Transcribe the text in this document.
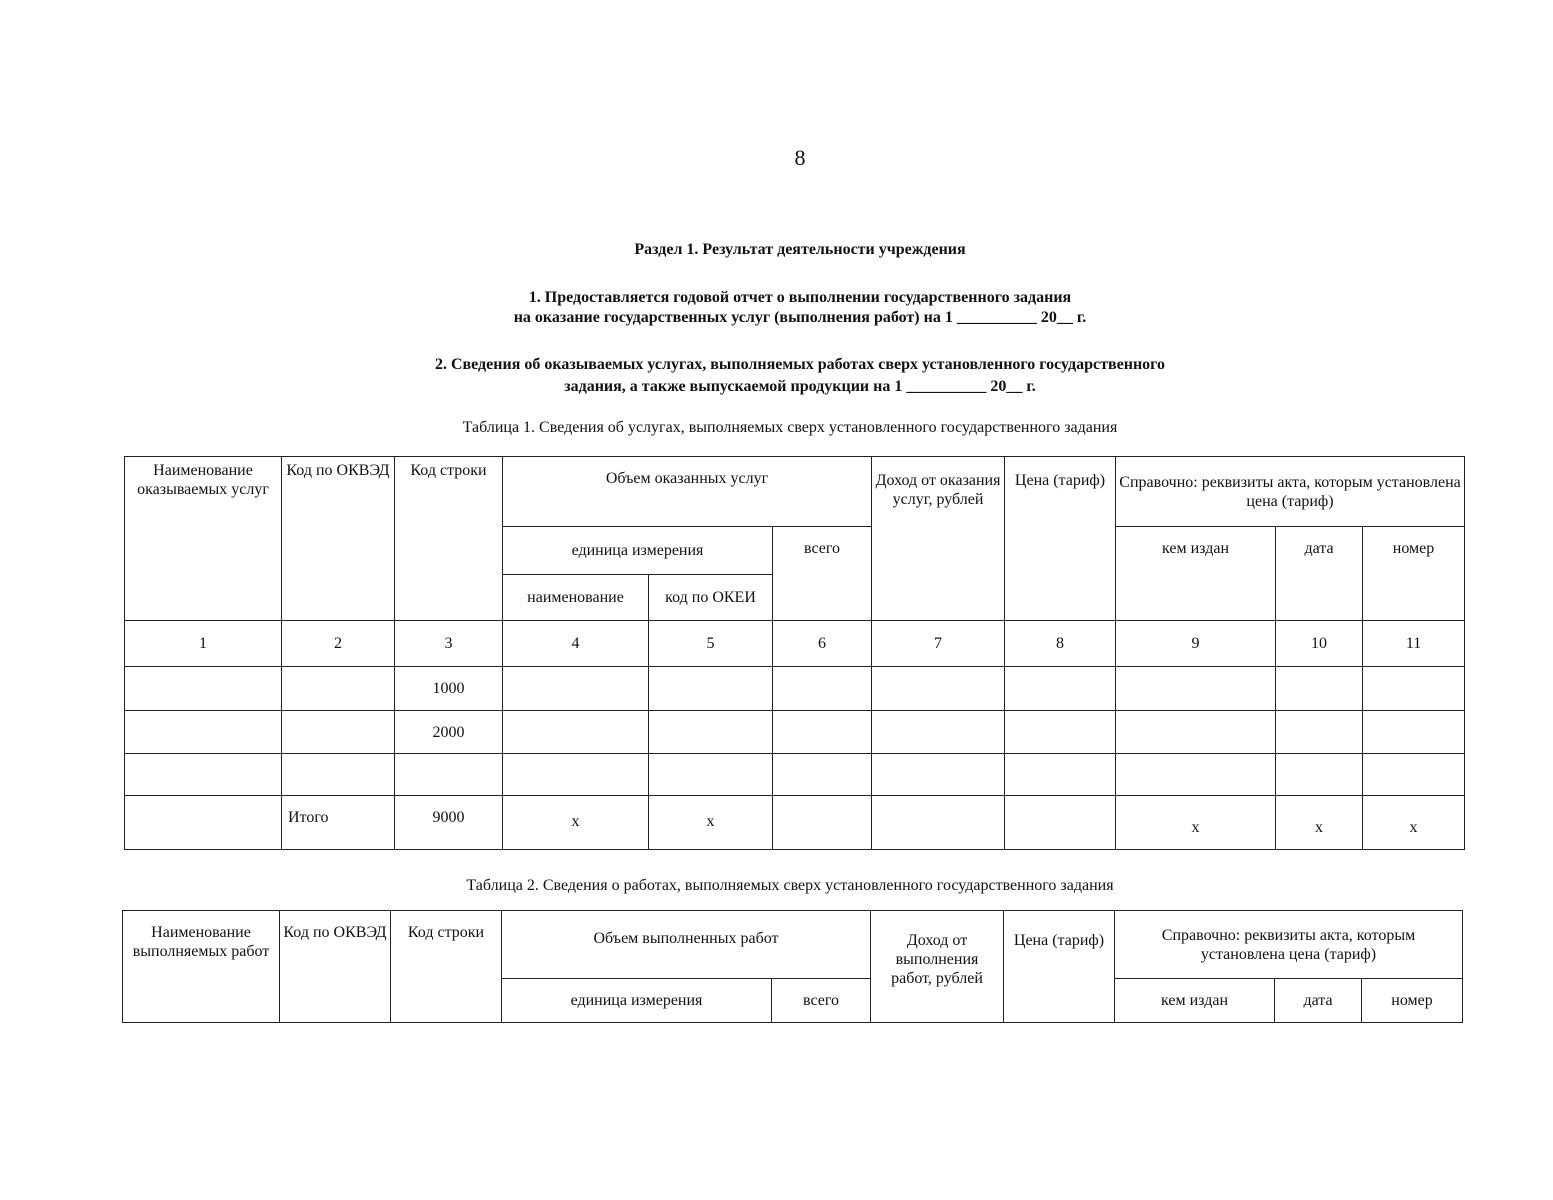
8
Раздел 1. Результат деятельности учреждения
1. Предоставляется годовой отчет о выполнении государственного задания
на оказание государственных услуг (выполнения работ) на 1 __________ 20__ г.
2. Сведения об оказываемых услугах, выполняемых работах сверх установленного государственного
задания, а также выпускаемой продукции на 1 __________ 20__ г.
Таблица 1. Сведения об услугах, выполняемых сверх установленного государственного задания
Наименование оказываемых услуг	Код по ОКВЭД	Код строки	Объем оказанных услуг			Доход от оказания услуг, рублей	Цена (тариф)	Справочно: реквизиты акта, которым установлена цена (тариф)		
			единица измерения		всего			кем издан	дата	номер
			наименование	код по ОКЕИ						
1	2	3	4	5	6	7	8	9	10	11
		1000								
		2000								

	Итого	9000	x	x				x	x	x
Таблица 2. Сведения о работах, выполняемых сверх установленного государственного задания
Наименование выполняемых работ	Код по ОКВЭД	Код строки	Объем выполненных работ		Доход от выполнения работ, рублей	Цена (тариф)	Справочно: реквизиты акта, которым установлена цена (тариф)		
			единица измерения	всего			кем издан	дата	номер
